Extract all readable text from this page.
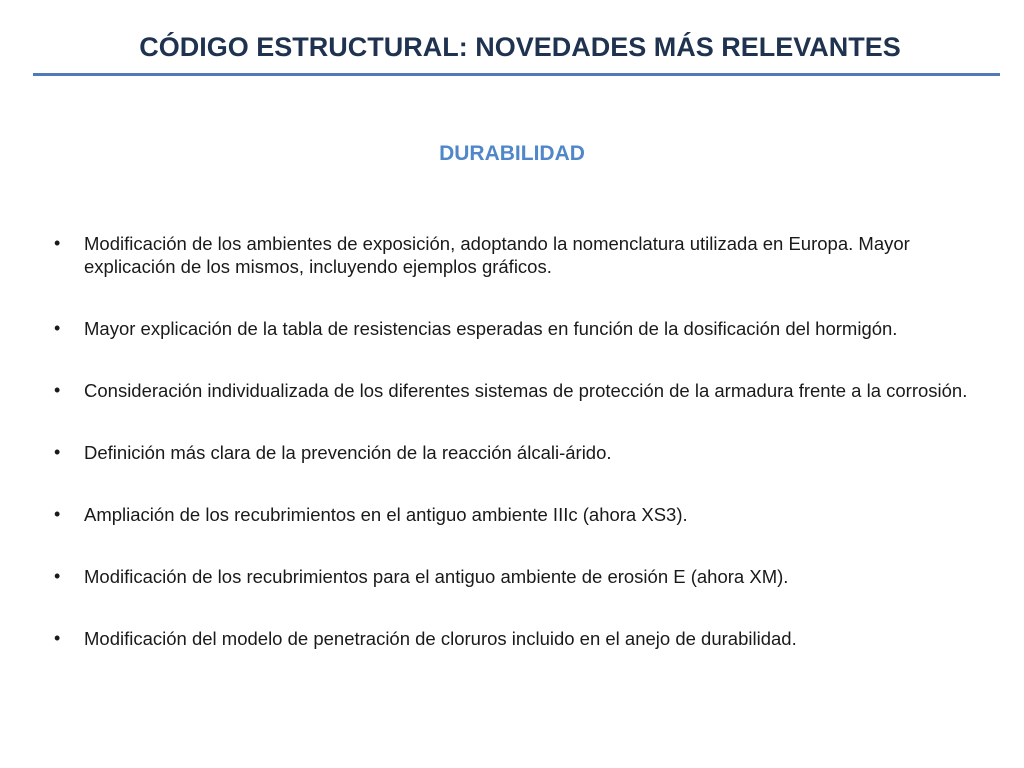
CÓDIGO ESTRUCTURAL: NOVEDADES MÁS RELEVANTES
DURABILIDAD
•	Modificación de los ambientes de exposición, adoptando la nomenclatura utilizada en Europa. Mayor explicación de los mismos, incluyendo ejemplos gráficos.
•	Mayor explicación de la tabla de resistencias esperadas en función de la dosificación del hormigón.
•	Consideración individualizada de los diferentes sistemas de protección de la armadura frente a la corrosión.
•	Definición más clara de la prevención de la reacción álcali-árido.
•	Ampliación de los recubrimientos en el antiguo ambiente IIIc (ahora XS3).
•	Modificación de los recubrimientos para el antiguo ambiente de erosión E (ahora XM).
•	Modificación del modelo de penetración de cloruros incluido en el anejo de durabilidad.
